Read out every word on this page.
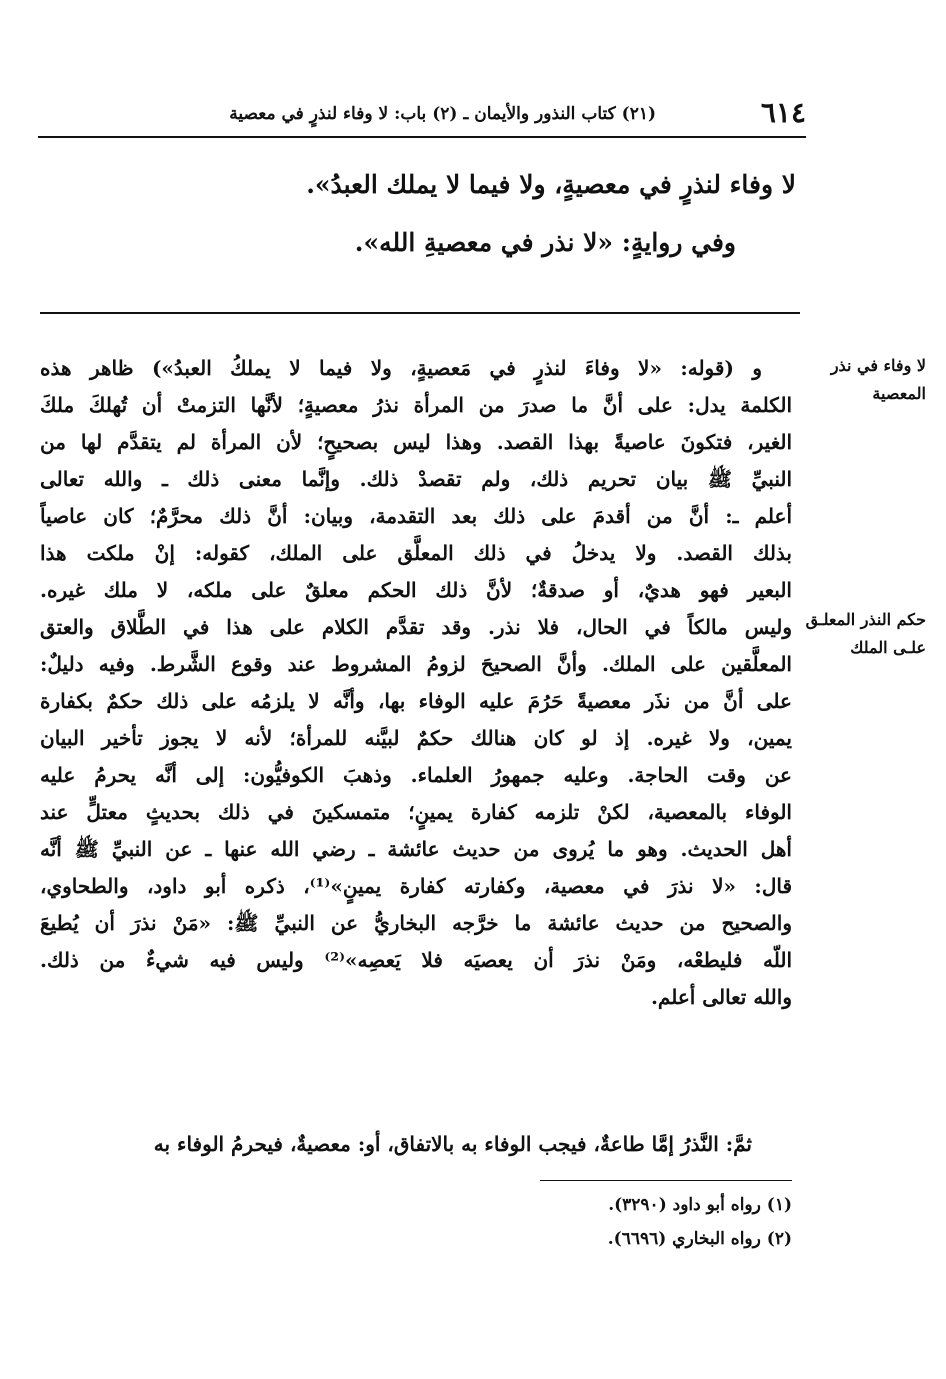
٦١٤
(٢١) كتاب النذور والأيمان ـ (٢) باب: لا وفاء لنذرٍ في معصية
لا وفاء لنذرٍ في معصيةٍ، ولا فيما لا يملك العبدُ».
وفي روايةٍ: «لا نذر في معصيةِ الله».
لا وفاء في نذر المعصية
حكم النذر المعلـق علـى الملك
و (قوله: «لا وفاءَ لنذرٍ في مَعصيةٍ، ولا فيما لا يملكُ العبدُ») ظاهر هذه
الكلمة يدل: على أنَّ ما صدرَ من المرأة نذرُ معصيةٍ؛ لأنَّها التزمتْ أن تُهلكَ ملكَ
الغير، فتكونَ عاصيةً بهذا القصد. وهذا ليس بصحيحٍ؛ لأن المرأة لم يتقدَّم لها من
النبيِّ ﷺ بيان تحريم ذلك، ولم تقصدْ ذلك. وإنَّما معنى ذلك ـ والله تعالى
أعلم ـ: أنَّ من أقدمَ على ذلك بعد التقدمة، وبيان: أنَّ ذلك محرَّمٌ؛ كان عاصياً
بذلك القصد. ولا يدخلُ في ذلك المعلَّق على الملك، كقوله: إنْ ملكت هذا
البعير فهو هديٌ، أو صدقةٌ؛ لأنَّ ذلك الحكم معلقٌ على ملكه، لا ملك غيره.
وليس مالكاً في الحال، فلا نذر. وقد تقدَّم الكلام على هذا في الطَّلاق والعتق
المعلَّقين على الملك. وأنَّ الصحيحَ لزومُ المشروط عند وقوع الشَّرط. وفيه دليلٌ:
على أنَّ من نذَر معصيةً حَرُمَ عليه الوفاء بها، وأنَّه لا يلزمُه على ذلك حكمٌ بكفارة
يمين، ولا غيره. إذ لو كان هنالك حكمٌ لبيَّنه للمرأة؛ لأنه لا يجوز تأخير البيان
عن وقت الحاجة. وعليه جمهورُ العلماء. وذهبَ الكوفيُّون: إلى أنَّه يحرمُ عليه
الوفاء بالمعصية، لكنْ تلزمه كفارة يمينٍ؛ متمسكينَ في ذلك بحديثٍ معتلٍّ عند
أهل الحديث. وهو ما يُروى من حديث عائشة ـ رضي الله عنها ـ عن النبيِّ ﷺ أنَّه
قال: «لا نذرَ في معصية، وكفارته كفارة يمينٍ»⁽¹⁾، ذكره أبو داود، والطحاوي،
والصحيح من حديث عائشة ما خرَّجه البخاريُّ عن النبيِّ ﷺ: «مَنْ نذرَ أن يُطيعَ
اللّه فليطعْه، ومَنْ نذرَ أن يعصيَه فلا يَعصِه»⁽²⁾ وليس فيه شيءٌ من ذلك.
والله تعالى أعلم.
ثمَّ: النَّذرُ إمَّا طاعةٌ، فيجب الوفاء به بالاتفاق، أو: معصيةٌ، فيحرمُ الوفاء به
(١) رواه أبو داود (٣٢٩٠).
(٢) رواه البخاري (٦٦٩٦).
